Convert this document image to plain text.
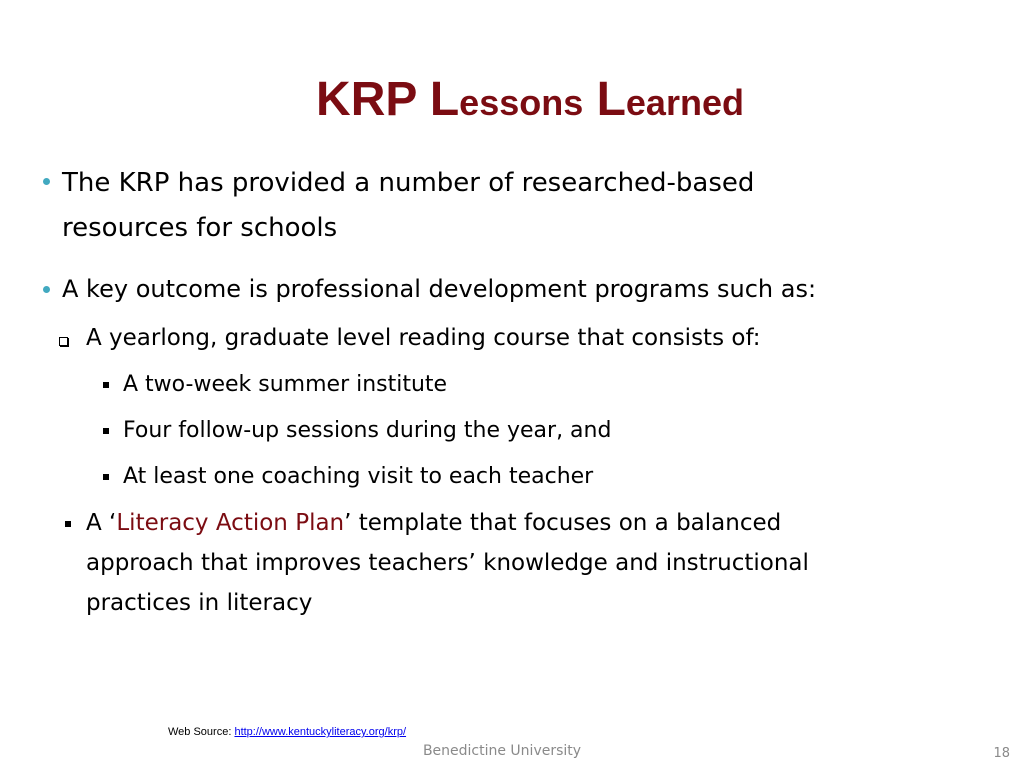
KRP Lessons Learned
The KRP has provided a number of researched-based
resources for schools
A key outcome is professional development programs such as:
A yearlong, graduate level reading course that consists of:
A two-week summer institute
Four follow-up sessions during the year, and
At least one coaching visit to each teacher
A ‘Literacy Action Plan’ template that focuses on a balanced
approach that improves teachers’ knowledge and instructional
practices in literacy
Web Source: http://www.kentuckyliteracy.org/krp/
Benedictine University	18
